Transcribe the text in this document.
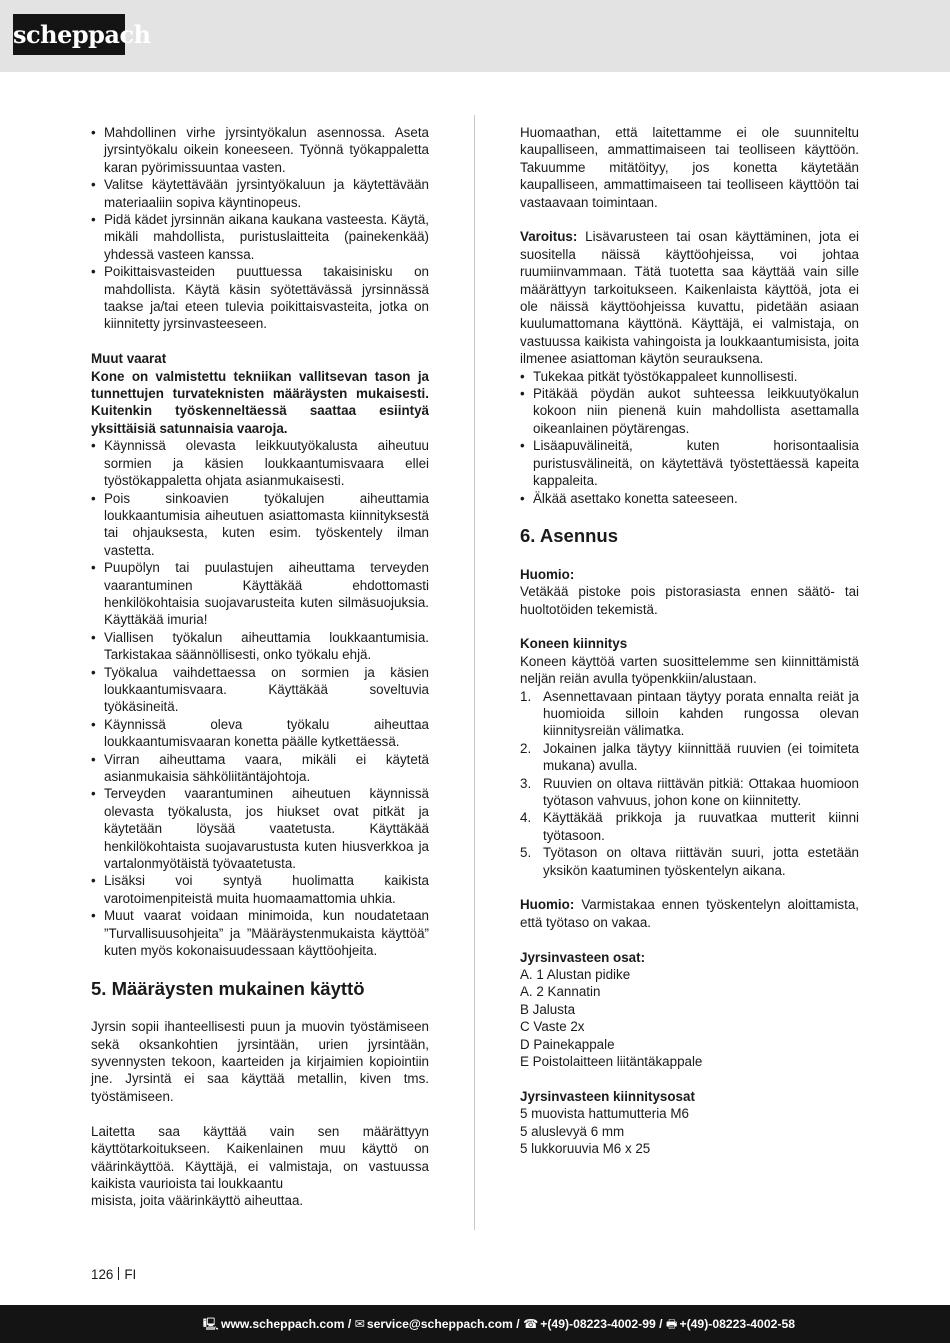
scheppach
• Mahdollinen virhe jyrsintyökalun asennossa. Aseta jyrsintyökalu oikein koneeseen. Työnnä työkappaletta karan pyörimissuuntaa vasten.
• Valitse käytettävään jyrsintyökaluun ja käytettävään materiaaliin sopiva käyntinopeus.
• Pidä kädet jyrsinnän aikana kaukana vasteesta. Käytä, mikäli mahdollista, puristuslaitteita (painekenkää) yhdessä vasteen kanssa.
• Poikittaisvasteiden puuttuessa takaisinisku on mahdollista. Käytä käsin syötettävässä jyrsinnässä taakse ja/tai eteen tulevia poikittaisvasteita, jotka on kiinnitetty jyrsinvasteeseen.

Muut vaarat

Kone on valmistettu tekniikan vallitsevan tason ja tunnettujen turvateknisten määräysten mukaisesti. Kuitenkin työskenneltäessä saattaa esiintyä yksittäisiä satunnaisia vaaroja.

• Käynnissä olevasta leikkuutyökalusta aiheutuu sormien ja käsien loukkaantumisvaara ellei työstökappaletta ohjata asianmukaisesti.
• Pois sinkoavien työkalujen aiheuttamia loukkaantumisia aiheutuen asiattomasta kiinnityksestä tai ohjauksesta, kuten esim. työskentely ilman vastetta.
• Puupölyn tai puulastujen aiheuttama terveyden vaarantuminen Käyttäkää ehdottomasti henkilökohtaisia suojavarusteita kuten silmäsuojuksia. Käyttäkää imuria!
• Viallisen työkalun aiheuttamia loukkaantumisia. Tarkistakaa säännöllisesti, onko työkalu ehjä.
• Työkalua vaihdettaessa on sormien ja käsien loukkaantumisvaara. Käyttäkää soveltuvia työkäsineitä.
• Käynnissä oleva työkalu aiheuttaa loukkaantumisvaaran konetta päälle kytkettäessä.
• Virran aiheuttama vaara, mikäli ei käytetä asianmukaisia sähköliitäntäjohtoja.
• Terveyden vaarantuminen aiheutuen käynnissä olevasta työkalusta, jos hiukset ovat pitkät ja käytetään löysää vaatetusta. Käyttäkää henkilökohtaista suojavarustusta kuten hiusverkkoa ja vartalonmyötäistä työvaatetusta.
• Lisäksi voi syntyä huolimatta kaikista varotoimenpiteistä muita huomaamattomia uhkia.
• Muut vaarat voidaan minimoida, kun noudatetaan ”Turvallisuusohjeita” ja ”Määräystenmukaista käyttöä” kuten myös kokonaisuudessaan käyttöohjeita.
5. Määräysten mukainen käyttö

Jyrsin sopii ihanteellisesti puun ja muovin työstämiseen sekä oksankohtien jyrsintään, urien jyrsintään, syvennysten tekoon, kaarteiden ja kirjaimien kopiointiin jne. Jyrsintä ei saa käyttää metallin, kiven tms. työstämiseen.

Laitetta saa käyttää vain sen määrättyyn käyttötarkoitukseen. Kaikenlainen muu käyttö on väärinkäyttöä. Käyttäjä, ei valmistaja, on vastuussa kaikista vaurioista tai loukkaantu

misista, joita väärinkäyttö aiheuttaa.

Huomaathan, että laitettamme ei ole suunniteltu kaupalliseen, ammattimaiseen tai teolliseen käyttöön. Takuumme mitätöityy, jos konetta käytetään kaupalliseen, ammattimaiseen tai teolliseen käyttöön tai vastaavaan toimintaan.

Varoitus: Lisävarusteen tai osan käyttäminen, jota ei suositella näissä käyttöohjeissa, voi johtaa ruumiinvammaan. Tätä tuotetta saa käyttää vain sille määrättyyn tarkoitukseen. Kaikenlaista käyttöä, jota ei ole näissä käyttöohjeissa kuvattu, pidetään asiaan kuulumattomana käyttönä. Käyttäjä, ei valmistaja, on vastuussa kaikista vahingoista ja loukkaantumisista, joita ilmenee asiattoman käytön seurauksena.

• Tukekaa pitkät työstökappaleet kunnollisesti.
• Pitäkää pöydän aukot suhteessa leikkuutyökalun kokoon niin pienenä kuin mahdollista asettamalla oikeanlainen pöytärengas.
• Lisäapuvälineitä, kuten horisontaalisia puristusvälineitä, on käytettävä työstettäessä kapeita kappaleita.
• Älkää asettako konetta sateeseen.
6. Asennus

Huomio:

Vetäkää pistoke pois pistorasiasta ennen säätö- tai huoltotöiden tekemistä.

Koneen kiinnitys

Koneen käyttöä varten suosittelemme sen kiinnittämistä neljän reiän avulla työpenkkiin/alustaan.

1. Asennettavaan pintaan täytyy porata ennalta reiät ja huomioida silloin kahden rungossa olevan kiinnitysreiän välimatka.
2. Jokainen jalka täytyy kiinnittää ruuvien (ei toimiteta mukana) avulla.
3. Ruuvien on oltava riittävän pitkiä: Ottakaa huomioon työtason vahvuus, johon kone on kiinnitetty.
4. Käyttäkää prikkoja ja ruuvatkaa mutterit kiinni työtasoon.
5. Työtason on oltava riittävän suuri, jotta estetään yksikön kaatuminen työskentelyn aikana.

Huomio: Varmistakaa ennen työskentelyn aloittamista, että työtaso on vakaa.

Jyrsinvasteen osat:

A. 1 Alustan pidike

A. 2 Kannatin

B Jalusta

C Vaste 2x

D Painekappale

E Poistolaitteen liitäntäkappale

Jyrsinvasteen kiinnitysosat

5 muovista hattumutteria M6

5 aluslevyä 6 mm

5 lukkoruuvia M6 x 25

126 FI
🖳 www.scheppach.com / ✉ service@scheppach.com / ☎ +(49)-08223-4002-99 / 🖶 +(49)-08223-4002-58
